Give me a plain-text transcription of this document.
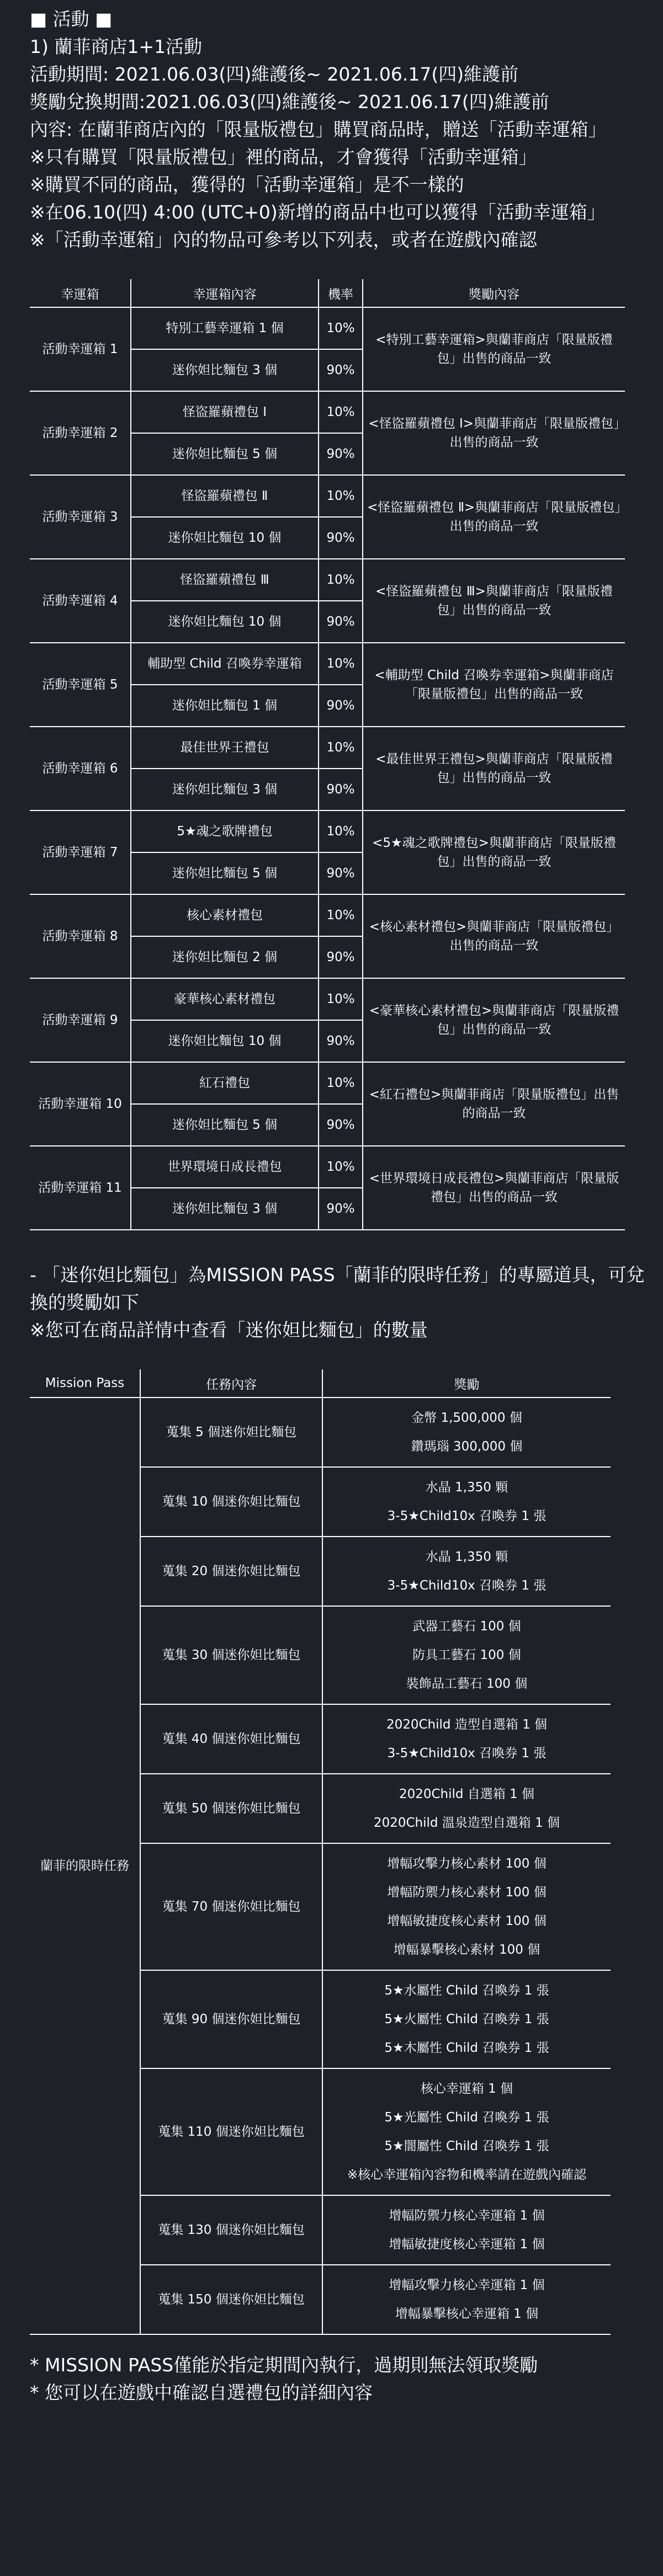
■ 活動 ■
1) 蘭菲商店1+1活動
活動期間: 2021.06.03(四)維護後~ 2021.06.17(四)維護前
獎勵兌換期間:2021.06.03(四)維護後~ 2021.06.17(四)維護前
內容: 在蘭菲商店內的「限量版禮包」購買商品時，贈送「活動幸運箱」
※只有購買「限量版禮包」裡的商品，才會獲得「活動幸運箱」
※購買不同的商品，獲得的「活動幸運箱」是不一樣的
※在06.10(四) 4:00 (UTC+0)新增的商品中也可以獲得「活動幸運箱」
※「活動幸運箱」內的物品可參考以下列表，或者在遊戲內確認
幸運箱	幸運箱內容	機率	獎勵內容
活動幸運箱 1	特別工藝幸運箱 1 個	10%	<特別工藝幸運箱>與蘭菲商店「限量版禮包」出售的商品一致
	迷你妲比麵包 3 個	90%	
活動幸運箱 2	怪盜羅蘋禮包 Ⅰ	10%	<怪盜羅蘋禮包 Ⅰ>與蘭菲商店「限量版禮包」出售的商品一致
	迷你妲比麵包 5 個	90%	
活動幸運箱 3	怪盜羅蘋禮包 Ⅱ	10%	<怪盜羅蘋禮包 Ⅱ>與蘭菲商店「限量版禮包」出售的商品一致
	迷你妲比麵包 10 個	90%	
活動幸運箱 4	怪盜羅蘋禮包 Ⅲ	10%	<怪盜羅蘋禮包 Ⅲ>與蘭菲商店「限量版禮包」出售的商品一致
	迷你妲比麵包 10 個	90%	
活動幸運箱 5	輔助型 Child 召喚券幸運箱	10%	<輔助型 Child 召喚券幸運箱>與蘭菲商店「限量版禮包」出售的商品一致
	迷你妲比麵包 1 個	90%	
活動幸運箱 6	最佳世界王禮包	10%	<最佳世界王禮包>與蘭菲商店「限量版禮包」出售的商品一致
	迷你妲比麵包 3 個	90%	
活動幸運箱 7	5★魂之歌牌禮包	10%	<5★魂之歌牌禮包>與蘭菲商店「限量版禮包」出售的商品一致
	迷你妲比麵包 5 個	90%	
活動幸運箱 8	核心素材禮包	10%	<核心素材禮包>與蘭菲商店「限量版禮包」出售的商品一致
	迷你妲比麵包 2 個	90%	
活動幸運箱 9	豪華核心素材禮包	10%	<豪華核心素材禮包>與蘭菲商店「限量版禮包」出售的商品一致
	迷你妲比麵包 10 個	90%	
活動幸運箱 10	紅石禮包	10%	<紅石禮包>與蘭菲商店「限量版禮包」出售的商品一致
	迷你妲比麵包 5 個	90%	
活動幸運箱 11	世界環境日成長禮包	10%	<世界環境日成長禮包>與蘭菲商店「限量版禮包」出售的商品一致
	迷你妲比麵包 3 個	90%	
- 「迷你妲比麵包」為MISSION PASS「蘭菲的限時任務」的專屬道具，可兌
換的獎勵如下
※您可在商品詳情中查看「迷你妲比麵包」的數量
Mission Pass	任務內容	獎勵
蘭菲的限時任務	蒐集 5 個迷你妲比麵包	金幣 1,500,000 個
鑽瑪瑙 300,000 個

	蒐集 10 個迷你妲比麵包	水晶 1,350 顆
3-5★Child10x 召喚券 1 張

	蒐集 20 個迷你妲比麵包	水晶 1,350 顆
3-5★Child10x 召喚券 1 張

	蒐集 30 個迷你妲比麵包	武器工藝石 100 個
防具工藝石 100 個
裝飾品工藝石 100 個

	蒐集 40 個迷你妲比麵包	2020Child 造型自選箱 1 個
3-5★Child10x 召喚券 1 張

	蒐集 50 個迷你妲比麵包	2020Child 自選箱 1 個
2020Child 溫泉造型自選箱 1 個

	蒐集 70 個迷你妲比麵包	增幅攻擊力核心素材 100 個
增幅防禦力核心素材 100 個
增幅敏捷度核心素材 100 個
增幅暴擊核心素材 100 個

	蒐集 90 個迷你妲比麵包	5★水屬性 Child 召喚券 1 張
5★火屬性 Child 召喚券 1 張
5★木屬性 Child 召喚券 1 張

	蒐集 110 個迷你妲比麵包	核心幸運箱 1 個
5★光屬性 Child 召喚券 1 張
5★闇屬性 Child 召喚券 1 張
※核心幸運箱內容物和機率請在遊戲內確認

	蒐集 130 個迷你妲比麵包	增幅防禦力核心幸運箱 1 個
增幅敏捷度核心幸運箱 1 個

	蒐集 150 個迷你妲比麵包	增幅攻擊力核心幸運箱 1 個
增幅暴擊核心幸運箱 1 個
* MISSION PASS僅能於指定期間內執行，過期則無法領取獎勵
* 您可以在遊戲中確認自選禮包的詳細內容
